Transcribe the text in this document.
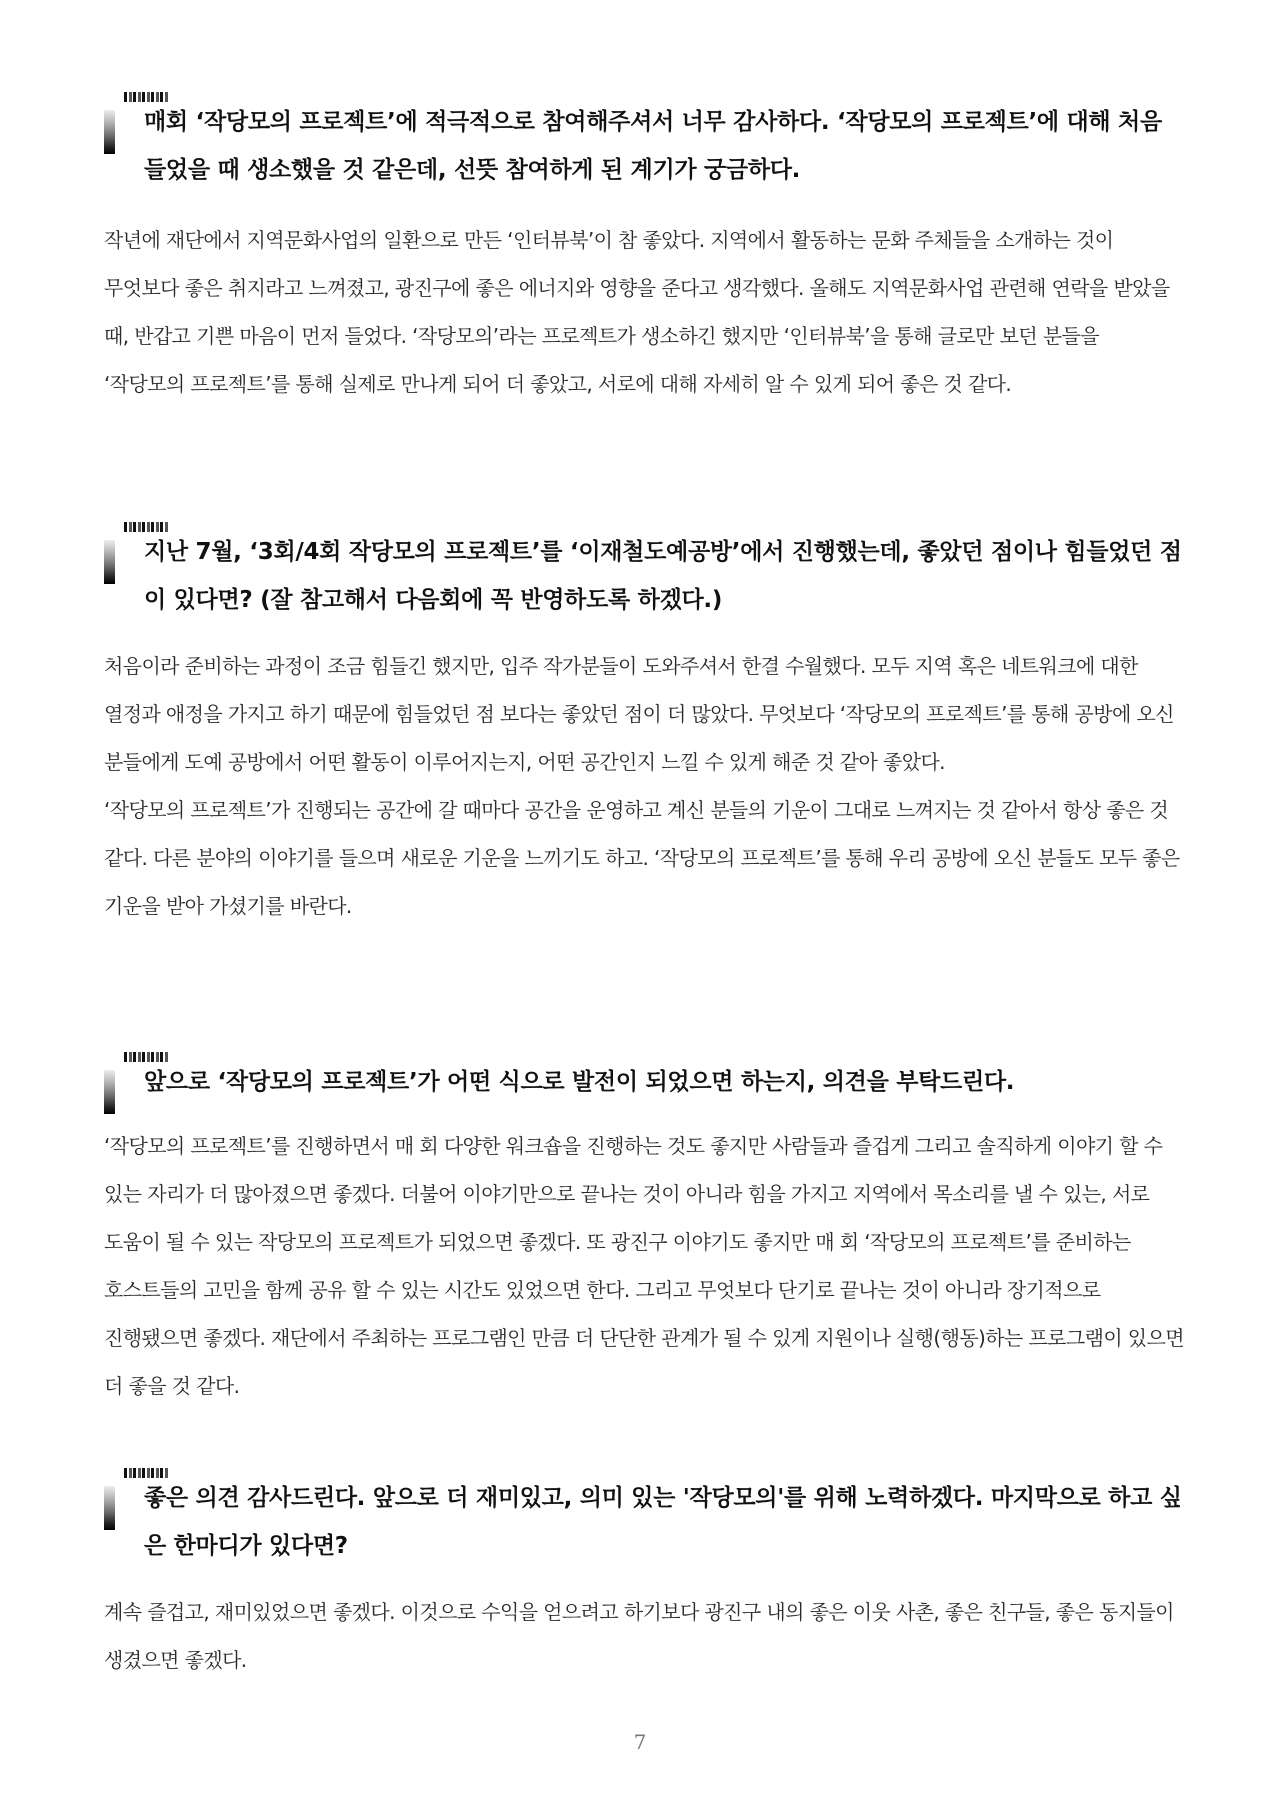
매회 ‘작당모의 프로젝트’에 적극적으로 참여해주셔서 너무 감사하다. ‘작당모의 프로젝트’에 대해 처음 들었을 때 생소했을 것 같은데, 선뜻 참여하게 된 계기가 궁금하다.

작년에 재단에서 지역문화사업의 일환으로 만든 ‘인터뷰북’이 참 좋았다. 지역에서 활동하는 문화 주체들을 소개하는 것이 무엇보다 좋은 취지라고 느껴졌고, 광진구에 좋은 에너지와 영향을 준다고 생각했다. 올해도 지역문화사업 관련해 연락을 받았을 때, 반갑고 기쁜 마음이 먼저 들었다. ‘작당모의’라는 프로젝트가 생소하긴 했지만 ‘인터뷰북’을 통해 글로만 보던 분들을 ‘작당모의 프로젝트’를 통해 실제로 만나게 되어 더 좋았고, 서로에 대해 자세히 알 수 있게 되어 좋은 것 같다.

지난 7월, ‘3회/4회 작당모의 프로젝트’를 ‘이재철도예공방’에서 진행했는데, 좋았던 점이나 힘들었던 점이 있다면? (잘 참고해서 다음회에 꼭 반영하도록 하겠다.)

처음이라 준비하는 과정이 조금 힘들긴 했지만, 입주 작가분들이 도와주셔서 한결 수월했다. 모두 지역 혹은 네트워크에 대한 열정과 애정을 가지고 하기 때문에 힘들었던 점 보다는 좋았던 점이 더 많았다. 무엇보다 ‘작당모의 프로젝트’를 통해 공방에 오신 분들에게 도예 공방에서 어떤 활동이 이루어지는지, 어떤 공간인지 느낄 수 있게 해준 것 같아 좋았다.

‘작당모의 프로젝트’가 진행되는 공간에 갈 때마다 공간을 운영하고 계신 분들의 기운이 그대로 느껴지는 것 같아서 항상 좋은 것 같다. 다른 분야의 이야기를 들으며 새로운 기운을 느끼기도 하고. ‘작당모의 프로젝트’를 통해 우리 공방에 오신 분들도 모두 좋은 기운을 받아 가셨기를 바란다.

앞으로 ‘작당모의 프로젝트’가 어떤 식으로 발전이 되었으면 하는지, 의견을 부탁드린다.

‘작당모의 프로젝트’를 진행하면서 매 회 다양한 워크숍을 진행하는 것도 좋지만 사람들과 즐겁게 그리고 솔직하게 이야기 할 수 있는 자리가 더 많아졌으면 좋겠다. 더불어 이야기만으로 끝나는 것이 아니라 힘을 가지고 지역에서 목소리를 낼 수 있는, 서로 도움이 될 수 있는 작당모의 프로젝트가 되었으면 좋겠다. 또 광진구 이야기도 좋지만 매 회 ‘작당모의 프로젝트’를 준비하는 호스트들의 고민을 함께 공유 할 수 있는 시간도 있었으면 한다. 그리고 무엇보다 단기로 끝나는 것이 아니라 장기적으로 진행됐으면 좋겠다. 재단에서 주최하는 프로그램인 만큼 더 단단한 관계가 될 수 있게 지원이나 실행(행동)하는 프로그램이 있으면 더 좋을 것 같다.

좋은 의견 감사드린다. 앞으로 더 재미있고, 의미 있는 '작당모의'를 위해 노력하겠다. 마지막으로 하고 싶은 한마디가 있다면?

계속 즐겁고, 재미있었으면 좋겠다. 이것으로 수익을 얻으려고 하기보다 광진구 내의 좋은 이웃 사촌, 좋은 친구들, 좋은 동지들이 생겼으면 좋겠다.

7
